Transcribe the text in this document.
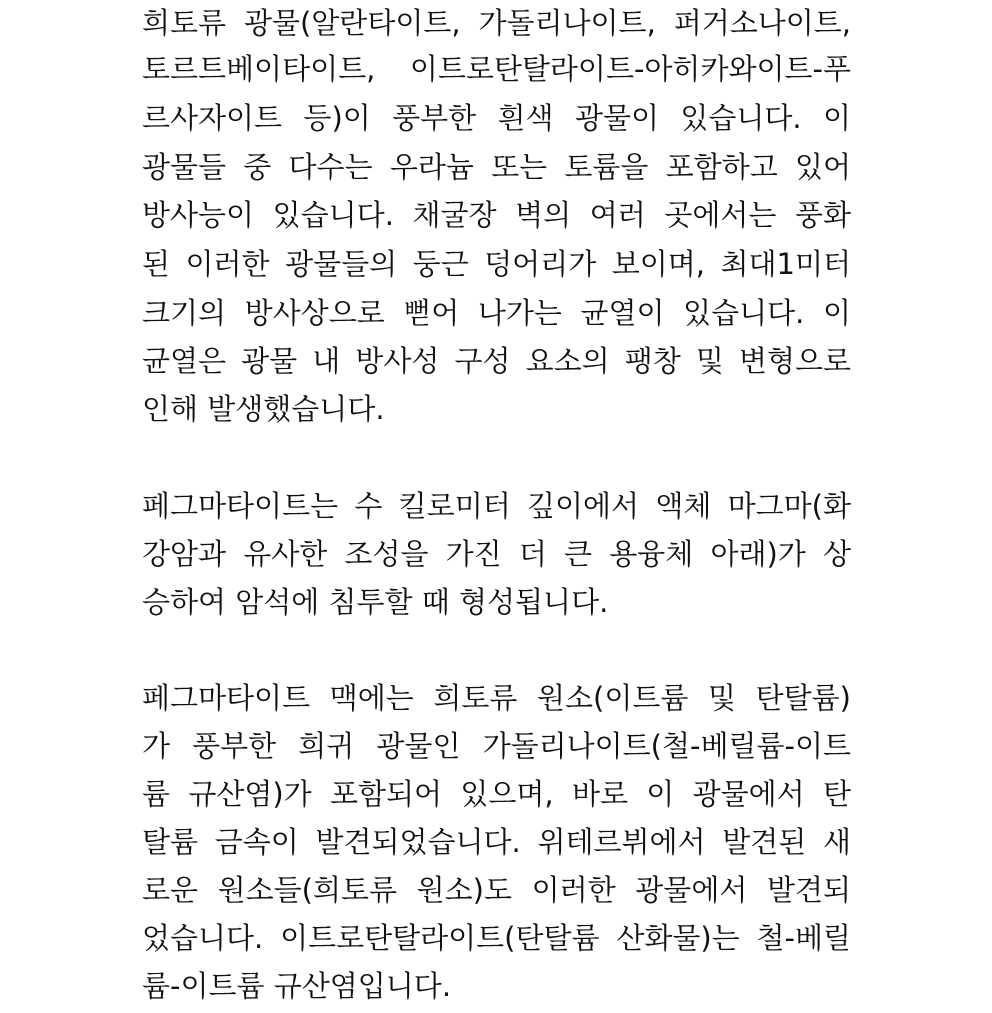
희토류 광물(알란타이트, 가돌리나이트, 퍼거소나이트,
토르트베이타이트, 이트로탄탈라이트-아히카와이트-푸
르사자이트 등)이 풍부한 흰색 광물이 있습니다. 이
광물들 중 다수는 우라늄 또는 토륨을 포함하고 있어
방사능이 있습니다. 채굴장 벽의 여러 곳에서는 풍화
된 이러한 광물들의 둥근 덩어리가 보이며, 최대1미터
크기의 방사상으로 뻗어 나가는 균열이 있습니다. 이
균열은 광물 내 방사성 구성 요소의 팽창 및 변형으로
인해 발생했습니다.
페그마타이트는 수 킬로미터 깊이에서 액체 마그마(화
강암과 유사한 조성을 가진 더 큰 용융체 아래)가 상
승하여 암석에 침투할 때 형성됩니다.
페그마타이트 맥에는 희토류 원소(이트륨 및 탄탈륨)
가 풍부한 희귀 광물인 가돌리나이트(철-베릴륨-이트
륨 규산염)가 포함되어 있으며, 바로 이 광물에서 탄
탈륨 금속이 발견되었습니다. 위테르뷔에서 발견된 새
로운 원소들(희토류 원소)도 이러한 광물에서 발견되
었습니다. 이트로탄탈라이트(탄탈륨 산화물)는 철-베릴
륨-이트륨 규산염입니다.
